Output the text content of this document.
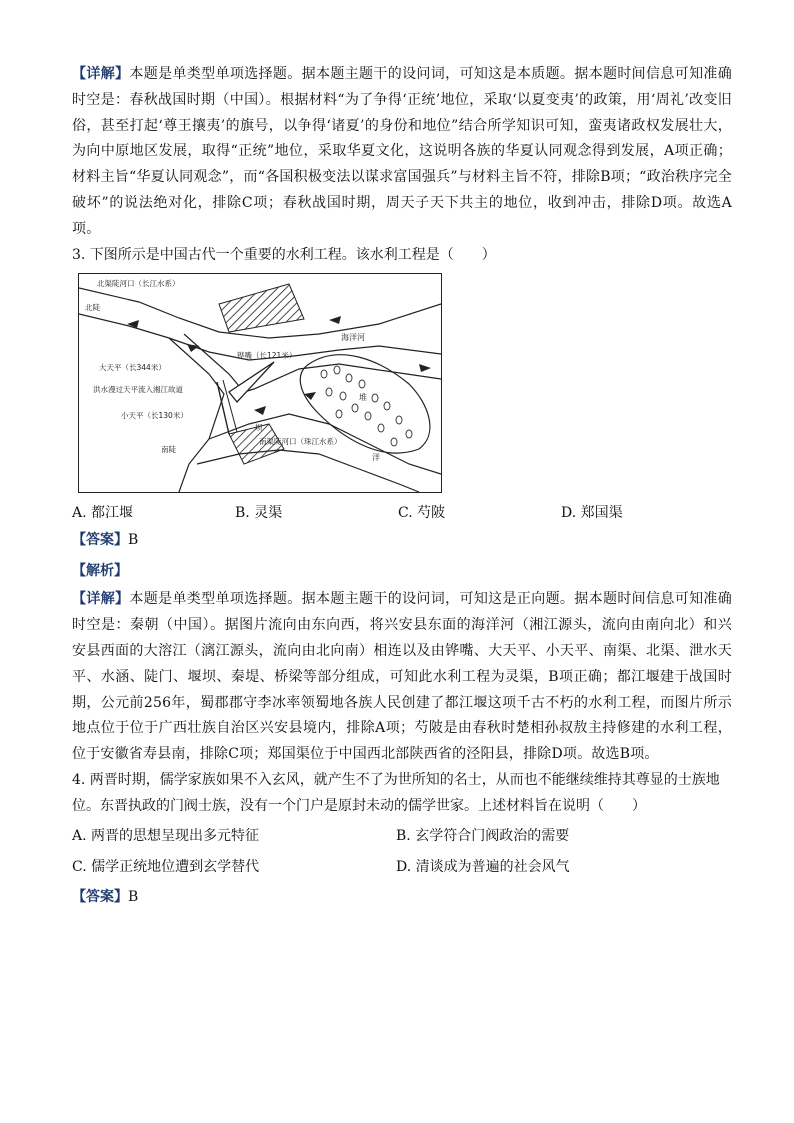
【详解】本题是单类型单项选择题。据本题主题干的设问词，可知这是本质题。据本题时间信息可知准确时空是：春秋战国时期（中国）。根据材料“为了争得‘正统’地位，采取‘以夏变夷’的政策，用‘周礼’改变旧俗，甚至打起‘尊王攘夷’的旗号，以争得‘诸夏’的身份和地位”结合所学知识可知，蛮夷诸政权发展壮大，为向中原地区发展，取得“正统”地位，采取华夏文化，这说明各族的华夏认同观念得到发展，A项正确；材料主旨“华夏认同观念”，而“各国积极变法以谋求富国强兵”与材料主旨不符，排除B项；“政治秩序完全破坏”的说法绝对化，排除C项；春秋战国时期，周天子天下共主的地位，收到冲击，排除D项。故选A项。

3. 下图所示是中国古代一个重要的水利工程。该水利工程是（　　）

北渠陡河口（长江水系）
北陡
海洋河
铧嘴（长121米）
大天平（长344米）
洪水漫过天平流入湘江故道
小天平（长130米）
南陡
南渠陡河口（珠江水系）
堆
洋
坝
A. 都江堰	B. 灵渠	C. 芍陂	D. 郑国渠
【答案】B
【解析】

【详解】本题是单类型单项选择题。据本题主题干的设问词，可知这是正向题。据本题时间信息可知准确时空是：秦朝（中国）。据图片流向由东向西，将兴安县东面的海洋河（湘江源头，流向由南向北）和兴安县西面的大溶江（漓江源头，流向由北向南）相连以及由铧嘴、大天平、小天平、南渠、北渠、泄水天平、水涵、陡门、堰坝、秦堤、桥梁等部分组成，可知此水利工程为灵渠，B项正确；都江堰建于战国时期，公元前256年，蜀郡郡守李冰率领蜀地各族人民创建了都江堰这项千古不朽的水利工程，而图片所示地点位于位于广西壮族自治区兴安县境内，排除A项；芍陂是由春秋时楚相孙叔敖主持修建的水利工程，位于安徽省寿县南，排除C项；郑国渠位于中国西北部陕西省的泾阳县，排除D项。故选B项。

4. 两晋时期，儒学家族如果不入玄风，就产生不了为世所知的名士，从而也不能继续维持其尊显的士族地位。东晋执政的门阀士族，没有一个门户是原封未动的儒学世家。上述材料旨在说明（　　）

A. 两晋的思想呈现出多元特征	B. 玄学符合门阀政治的需要
C. 儒学正统地位遭到玄学替代	D. 清谈成为普遍的社会风气
【答案】B
